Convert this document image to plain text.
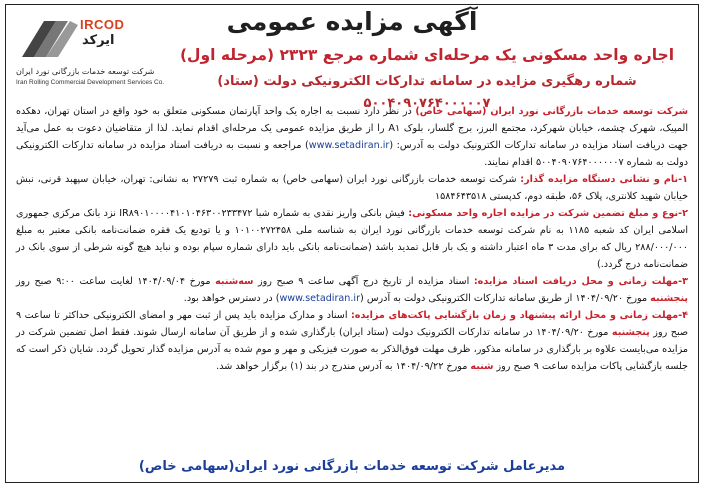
آگهی مزایده عمومی
اجاره واحد مسکونی یک مرحله‌ای شماره مرجع ۲۳۲۳ (مرحله اول)
شماره رهگیری مزایده در سامانه تدارکات الکترونیکی دولت (ستاد) ۵۰۰۴۰۹۰۷۶۴۰۰۰۰۰۷
IRCOD
ایرکد
شرکت توسعه خدمات بازرگانی نورد ایران
Iran Rolling Commercial Development Services Co.

شرکت توسعه خدمات بازرگانی نورد ایران (سهامی خاص) در نظر دارد نسبت به اجاره یک واحد آپارتمان مسکونی متعلق به خود واقع در استان تهران، دهکده المپیک، شهرک چشمه، خیابان شهرکرد، مجتمع البرز، برج گلسار، بلوک A۱ را از طریق مزایده عمومی یک مرحله‌ای اقدام نماید. لذا از متقاضیان دعوت به عمل می‌آید جهت دریافت اسناد مزایده در سامانه تدارکات الکترونیک دولت به آدرس: (www.setadiran.ir) مراجعه و نسبت به دریافت اسناد مزایده در سامانه تدارکات الکترونیکی دولت به شماره ۵۰۰۴۰۹۰۷۶۴۰۰۰۰۰۰۷ اقدام نمایند.

۱-نام و نشانی دستگاه مزایده گذار: شرکت توسعه خدمات بازرگانی نورد ایران (سهامی خاص) به شماره ثبت ۲۷۲۷۹ به نشانی: تهران، خیابان سپهبد قرنی، نبش خیابان شهید کلانتری، پلاک ۵۶، طبقه دوم، کدپستی ۱۵۸۴۶۴۳۵۱۸

۲-نوع و مبلغ تضمین شرکت در مزایده اجاره واحد مسکونی: فیش بانکی واریز نقدی به شماره شبا IR۸۹۰۱۰۰۰۰۴۱۰۱۰۴۶۳۰۰۲۳۳۴۷۲ نزد بانک مرکزی جمهوری اسلامی ایران کد شعبه ۱۱۸۵ به نام شرکت توسعه خدمات بازرگانی نورد ایران به شناسه ملی ۱۰۱۰۰۲۷۲۴۵۸ و یا تودیع یک فقره ضمانت‌نامه بانکی معتبر به مبلغ ۲۸۸/۰۰۰/۰۰۰ ریال که برای مدت ۳ ماه اعتبار داشته و یک بار قابل تمدید باشد (ضمانت‌نامه بانکی باید دارای شماره سپام بوده و نباید هیچ گونه شرطی از سوی بانک در ضمانت‌نامه درج گردد.)

۳-مهلت زمانی و محل دریافت اسناد مزایده: اسناد مزایده از تاریخ درج آگهی ساعت ۹ صبح روز سه‌شنبه مورخ ۱۴۰۴/۰۹/۰۴ لغایت ساعت ۹:۰۰ صبح روز پنجشنبه مورخ ۱۴۰۴/۰۹/۲۰ از طریق سامانه تدارکات الکترونیکی دولت به آدرس (www.setadiran.ir) در دسترس خواهد بود.

۴-مهلت زمانی و محل ارائه پیشنهاد و زمان بازگشایی پاکت‌های مزایده: اسناد و مدارک مزایده باید پس از ثبت مهر و امضای الکترونیکی حداکثر تا ساعت ۹ صبح روز پنجشنبه مورخ ۱۴۰۴/۰۹/۲۰ در سامانه تدارکات الکترونیک دولت (ستاد ایران) بارگذاری شده و از طریق آن سامانه ارسال شوند. فقط اصل تضمین شرکت در مزایده می‌بایست علاوه بر بارگذاری در سامانه مذکور، ظرف مهلت فوق‌الذکر به صورت فیزیکی و مهر و موم شده به آدرس مزایده گذار تحویل گردد. شایان ذکر است که جلسه بازگشایی پاکات مزایده ساعت ۹ صبح روز شنبه مورخ ۱۴۰۴/۰۹/۲۲ به آدرس مندرج در بند (۱) برگزار خواهد شد.

مدیرعامل شرکت توسعه خدمات بازرگانی نورد ایران(سهامی خاص)
